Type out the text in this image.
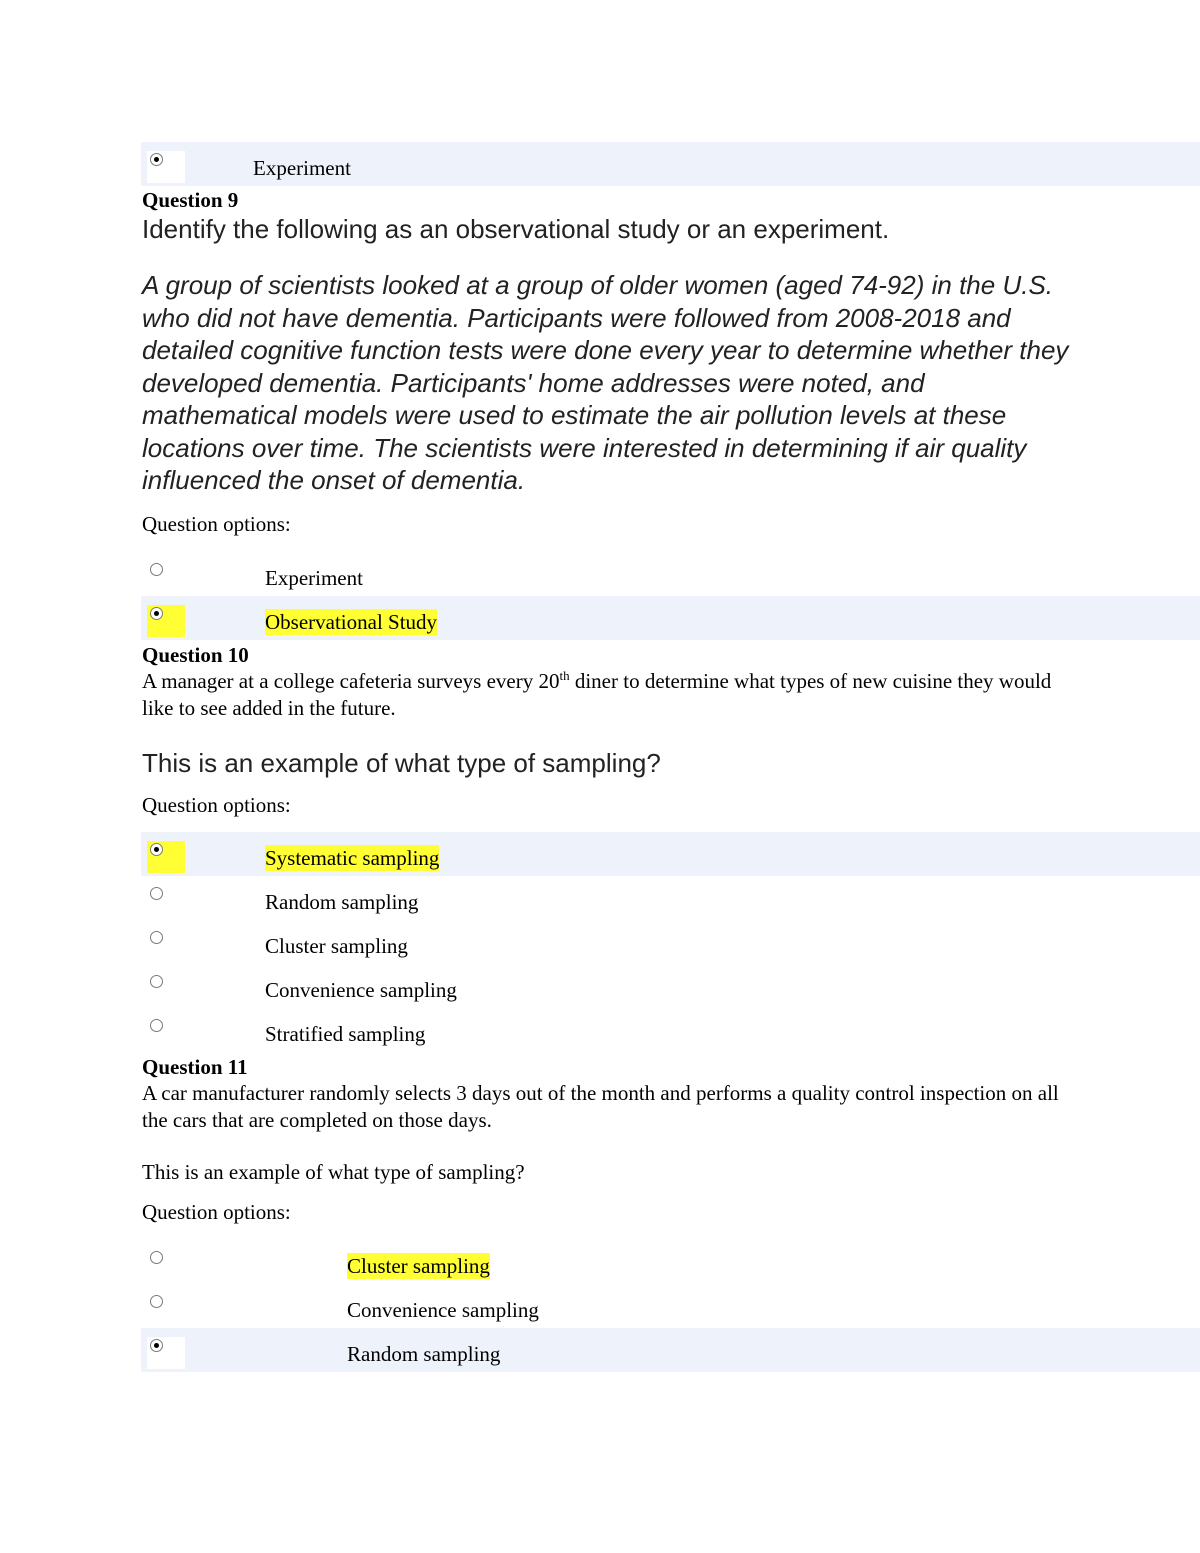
Experiment
Question 9
Identify the following as an observational study or an experiment.
A group of scientists looked at a group of older women (aged 74-92) in the U.S. who did not have dementia. Participants were followed from 2008-2018 and detailed cognitive function tests were done every year to determine whether they developed dementia. Participants' home addresses were noted, and mathematical models were used to estimate the air pollution levels at these locations over time. The scientists were interested in determining if air quality influenced the onset of dementia.
Question options:
Experiment
Observational Study
Question 10
A manager at a college cafeteria surveys every 20th diner to determine what types of new cuisine they would like to see added in the future.
This is an example of what type of sampling?
Question options:
Systematic sampling
Random sampling
Cluster sampling
Convenience sampling
Stratified sampling
Question 11
A car manufacturer randomly selects 3 days out of the month and performs a quality control inspection on all the cars that are completed on those days.
This is an example of what type of sampling?
Question options:
Cluster sampling
Convenience sampling
Random sampling
